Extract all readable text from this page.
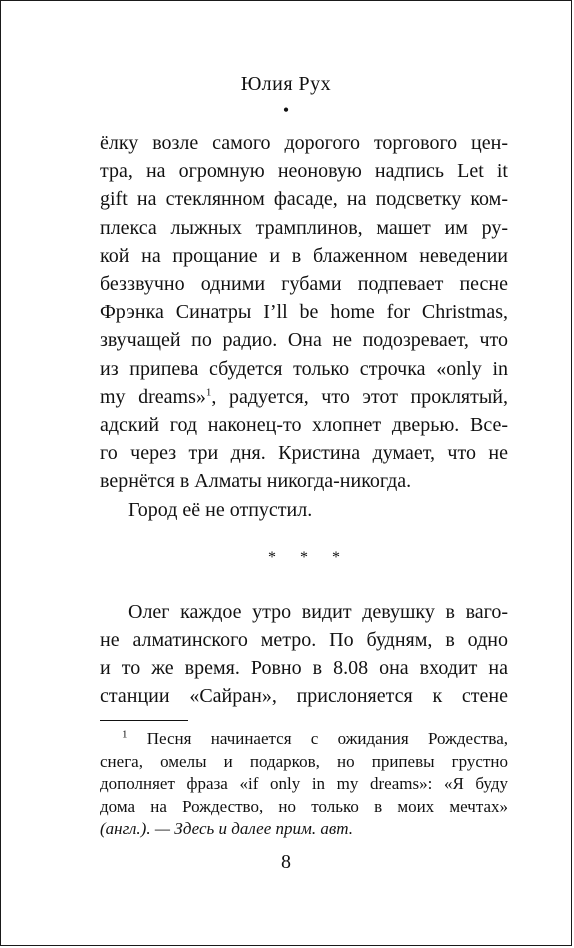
Юлия Рух
•
ёлку возле самого дорогого торгового цен-
тра, на огромную неоновую надпись Let it
gift на стеклянном фасаде, на подсветку ком-
плекса лыжных трамплинов, машет им ру-
кой на прощание и в блаженном неведении
беззвучно одними губами подпевает песне
Фрэнка Синатры I’ll be home for Christmas,
звучащей по радио. Она не подозревает, что
из припева сбудется только строчка «only in
my dreams»$^1$, радуется, что этот проклятый,
адский год наконец-то хлопнет дверью. Все-
го через три дня. Кристина думает, что не
вернётся в Алматы никогда-никогда.
Город её не отпустил.
* * *
Олег каждое утро видит девушку в ваго-
не алматинского метро. По будням, в одно
и то же время. Ровно в 8.08 она входит на
станции «Сайран», прислоняется к стене
$^1$ Песня начинается с ожидания Рождества,
снега, омелы и подарков, но припевы грустно
дополняет фраза «if only in my dreams»: «Я буду
дома на Рождество, но только в моих мечтах»
(англ.). — Здесь и далее прим. авт.
8
